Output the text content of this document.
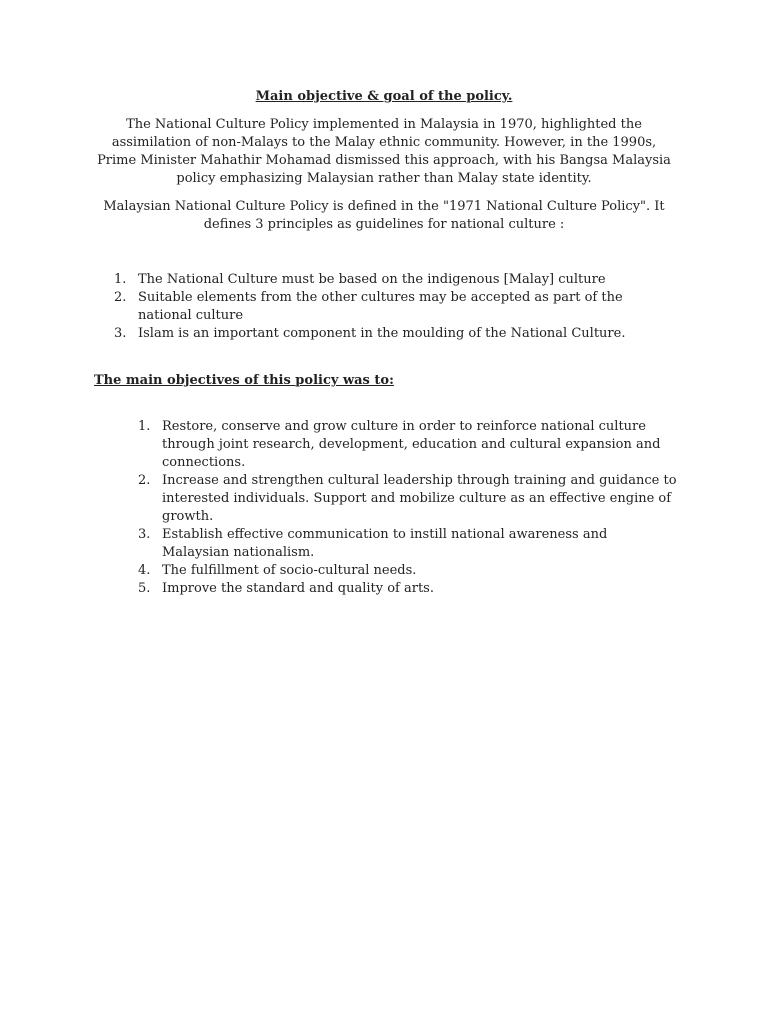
Main objective & goal of the policy.

The National Culture Policy implemented in Malaysia in 1970, highlighted the assimilation of non-Malays to the Malay ethnic community. However, in the 1990s, Prime Minister Mahathir Mohamad dismissed this approach, with his Bangsa Malaysia policy emphasizing Malaysian rather than Malay state identity.

Malaysian National Culture Policy is defined in the "1971 National Culture Policy". It defines 3 principles as guidelines for national culture :

1. The National Culture must be based on the indigenous [Malay] culture
2. Suitable elements from the other cultures may be accepted as part of the national culture
3. Islam is an important component in the moulding of the National Culture.

The main objectives of this policy was to:

1. Restore, conserve and grow culture in order to reinforce national culture through joint research, development, education and cultural expansion and connections.
2. Increase and strengthen cultural leadership through training and guidance to interested individuals. Support and mobilize culture as an effective engine of growth.
3. Establish effective communication to instill national awareness and Malaysian nationalism.
4. The fulfillment of socio-cultural needs.
5. Improve the standard and quality of arts.
